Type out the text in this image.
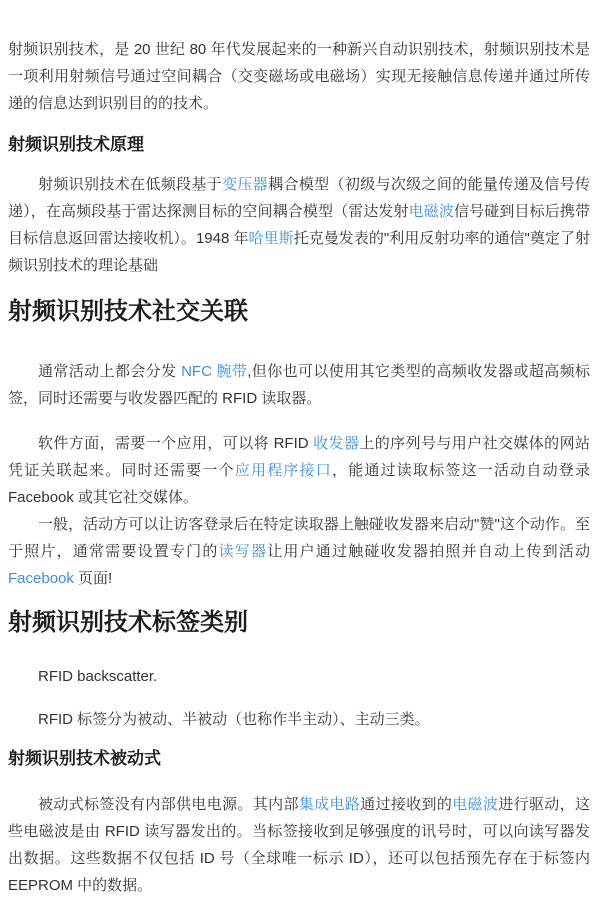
射频识别技术，是 20 世纪 80 年代发展起来的一种新兴自动识别技术，射频识别技术是一项利用射频信号通过空间耦合（交变磁场或电磁场）实现无接触信息传递并通过所传递的信息达到识别目的的技术。

射频识别技术原理

射频识别技术在低频段基于变压器耦合模型（初级与次级之间的能量传递及信号传递），在高频段基于雷达探测目标的空间耦合模型（雷达发射电磁波信号碰到目标后携带目标信息返回雷达接收机）。1948 年哈里斯托克曼发表的"利用反射功率的通信"奠定了射频识别技术的理论基础

射频识别技术社交关联

通常活动上都会分发 NFC 腕带,但你也可以使用其它类型的高频收发器或超高频标签，同时还需要与收发器匹配的 RFID 读取器。

软件方面，需要一个应用，可以将 RFID 收发器上的序列号与用户社交媒体的网站凭证关联起来。同时还需要一个应用程序接口，能通过读取标签这一活动自动登录 Facebook 或其它社交媒体。

一般，活动方可以让访客登录后在特定读取器上触碰收发器来启动"赞"这个动作。至于照片，通常需要设置专门的读写器让用户通过触碰收发器拍照并自动上传到活动 Facebook 页面!

射频识别技术标签类别

RFID backscatter.

RFID 标签分为被动、半被动（也称作半主动）、主动三类。

射频识别技术被动式

被动式标签没有内部供电电源。其内部集成电路通过接收到的电磁波进行驱动，这些电磁波是由 RFID 读写器发出的。当标签接收到足够强度的讯号时，可以向读写器发出数据。这些数据不仅包括 ID 号（全球唯一标示 ID），还可以包括预先存在于标签内 EEPROM 中的数据。
